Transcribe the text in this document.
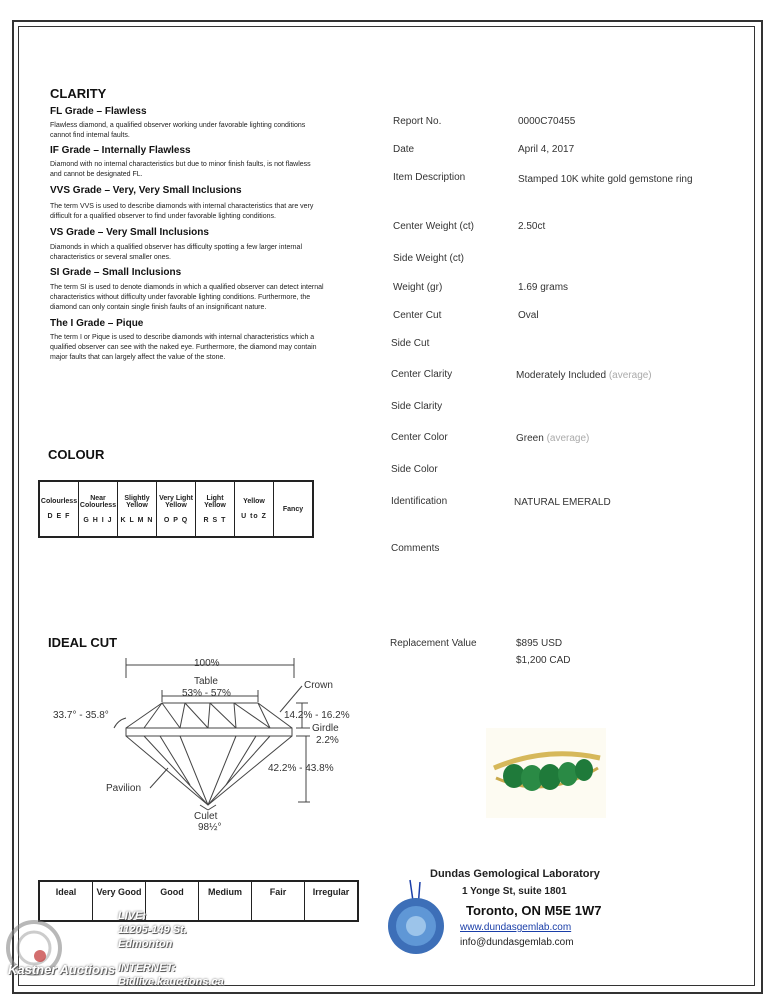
CLARITY
FL Grade – Flawless
Flawless diamond, a qualified observer working under favorable lighting conditions
cannot find internal faults.
IF Grade – Internally Flawless
Diamond with no internal characteristics but due to minor finish faults, is not flawless
and cannot be designated FL.
VVS Grade – Very, Very Small Inclusions
The term VVS is used to describe diamonds with internal characteristics that are very
difficult for a qualified observer to find under favorable lighting conditions.
VS Grade – Very Small Inclusions
Diamonds in which a qualified observer has difficulty spotting a few larger internal
characteristics or several smaller ones.
SI Grade – Small Inclusions
The term SI is used to denote diamonds in which a qualified observer can detect internal
characteristics without difficulty under favorable lighting conditions. Furthermore, the
diamond can only contain single finish faults of an insignificant nature.
The I Grade – Pique
The term I or Pique is used to describe diamonds with internal characteristics which a
qualified observer can see with the naked eye. Furthermore, the diamond may contain
major faults that can largely affect the value of the stone.
COLOUR
Colourless
D E F

Near Colourless
G H I J

Slightly Yellow
K L M N

Very Light Yellow
O P Q

Light Yellow
R S T

Yellow
U to Z
	Fancy
IDEAL CUT
100%
Table
53% - 57%
Crown
33.7° - 35.8°	14.2% - 16.2%
Girdle
2.2%
42.2% - 43.8%
Pavilion
Culet
98½°
Ideal	Very Good	Good	Medium	Fair	Irregular
Report No.	0000C70455
Date	April 4, 2017
Item Description	Stamped 10K white gold gemstone ring
Center Weight (ct)	2.50ct
Side Weight (ct)
Weight (gr)	1.69 grams
Center Cut	Oval
Side Cut
Center Clarity	Moderately Included (average)
Side Clarity
Center Color	Green (average)
Side Color
Identification	NATURAL EMERALD
Comments
Replacement Value	$895 USD
$1,200 CAD
Dundas Gemological Laboratory
1 Yonge St, suite 1801
Toronto, ON M5E 1W7
www.dundasgemlab.com
info@dundasgemlab.com
Kastner Auctions
LIVE:
11205-149 St.
Edmonton
INTERNET:
Bidlive.kauctions.ca
